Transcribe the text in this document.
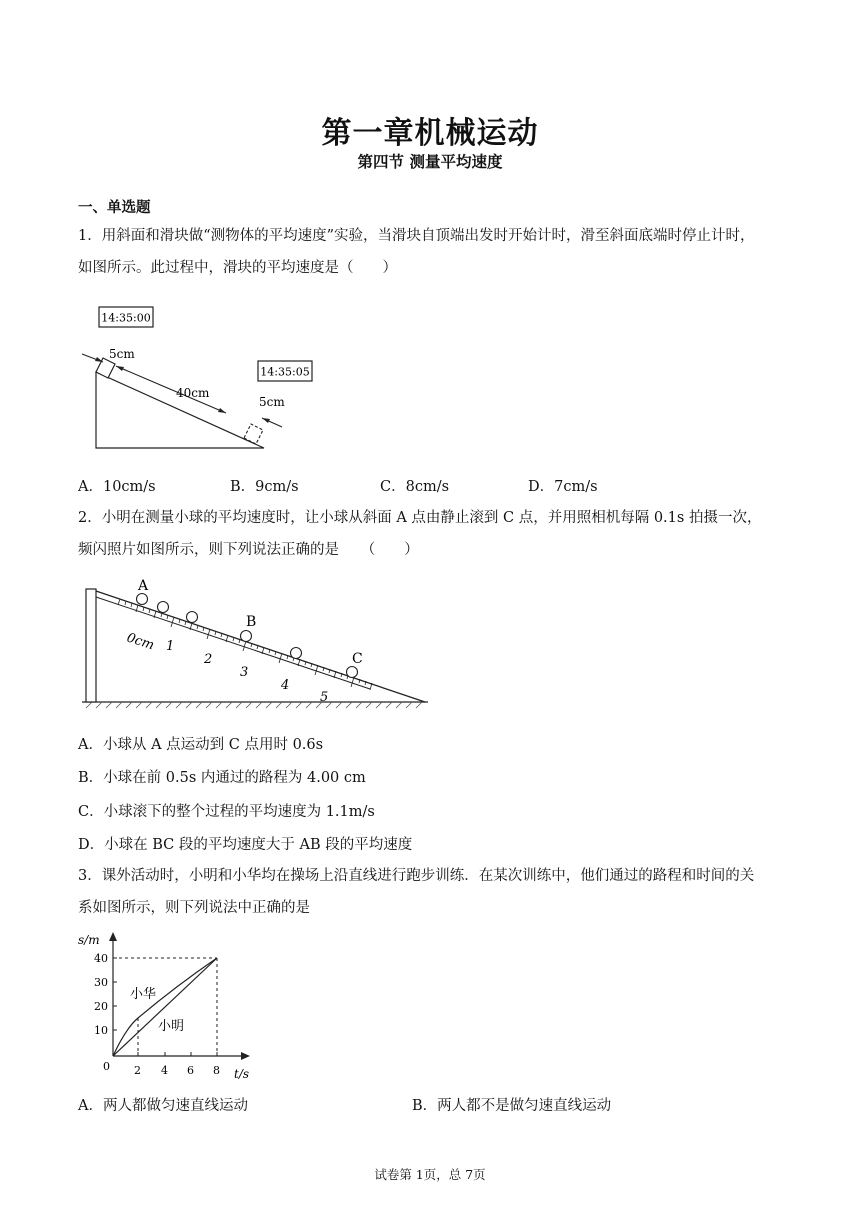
第一章机械运动
第四节 测量平均速度
一、单选题
1．用斜面和滑块做“测物体的平均速度”实验，当滑块自顶端出发时开始计时，滑至斜面底端时停止计时，
如图所示。此过程中，滑块的平均速度是（　　）
14:35:00
14:35:05
5cm
40cm
5cm
A．10cm/s	B．9cm/s	C．8cm/s	D．7cm/s
2．小明在测量小球的平均速度时，让小球从斜面 A 点由静止滚到 C 点，并用照相机每隔 0.1s 拍摄一次，
频闪照片如图所示，则下列说法正确的是　　（　　）
A
B
C
0cm 1
2
3
4
5
A．小球从 A 点运动到 C 点用时 0.6s
B．小球在前 0.5s 内通过的路程为 4.00 cm
C．小球滚下的整个过程的平均速度为 1.1m/s
D．小球在 BC 段的平均速度大于 AB 段的平均速度
3．课外活动时，小明和小华均在操场上沿直线进行跑步训练．在某次训练中，他们通过的路程和时间的关
系如图所示，则下列说法中正确的是
s/m
t/s
40
30
20
10
0 2 4 6 8
小华
小明
A．两人都做匀速直线运动	B．两人都不是做匀速直线运动
试卷第 1页，总 7页
